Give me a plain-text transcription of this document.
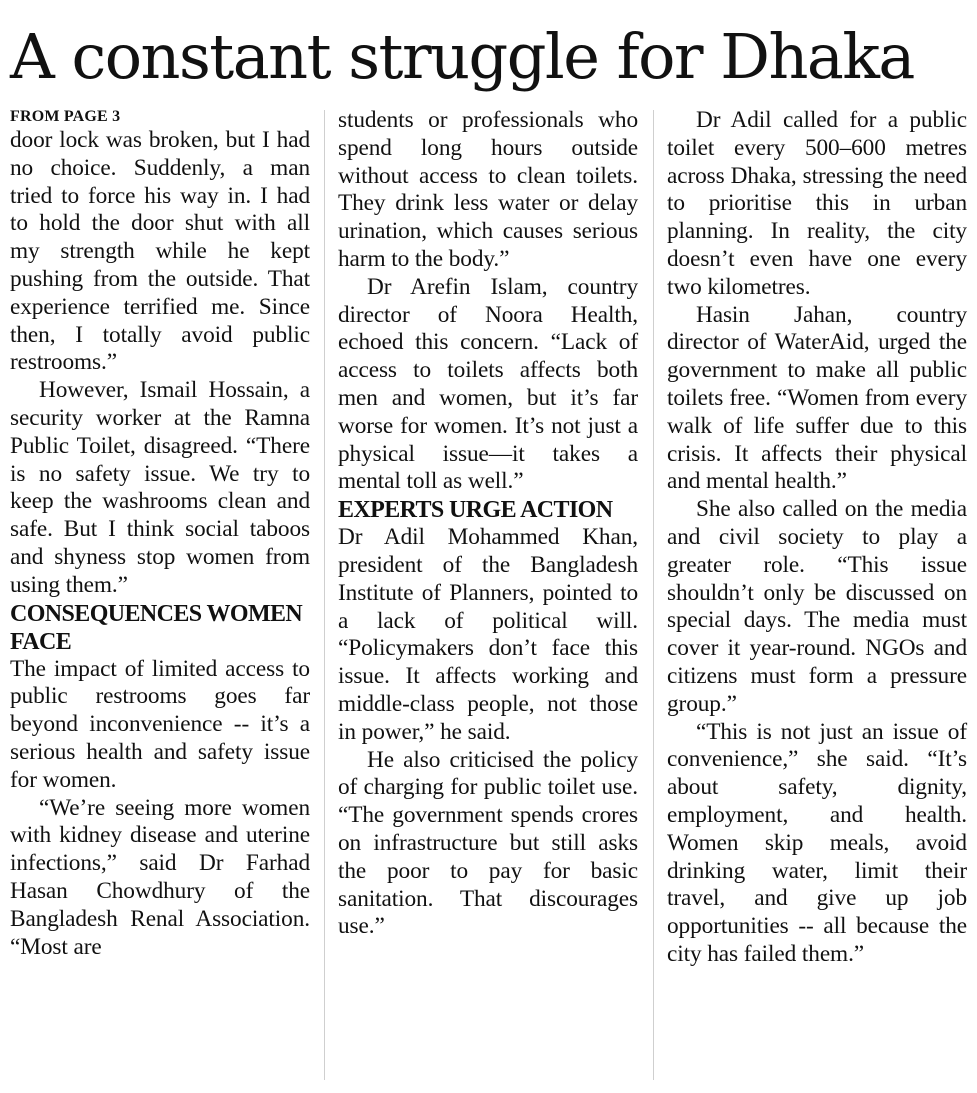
A constant struggle for Dhaka
FROM PAGE 3

door lock was broken, but I had no choice. Suddenly, a man tried to force his way in. I had to hold the door shut with all my strength while he kept pushing from the outside. That experience terrified me. Since then, I totally avoid public restrooms.”

However, Ismail Hossain, a security worker at the Ramna Public Toilet, disagreed. “There is no safety issue. We try to keep the washrooms clean and safe. But I think social taboos and shyness stop women from using them.”

CONSEQUENCES WOMEN FACE

The impact of limited access to public restrooms goes far beyond inconvenience -- it’s a serious health and safety issue for women.

“We’re seeing more women with kidney disease and uterine infections,” said Dr Farhad Hasan Chowdhury of the Bangladesh Renal Association. “Most are

students or professionals who spend long hours outside without access to clean toilets. They drink less water or delay urination, which causes serious harm to the body.”

Dr Arefin Islam, country director of Noora Health, echoed this concern. “Lack of access to toilets affects both men and women, but it’s far worse for women. It’s not just a physical issue—it takes a mental toll as well.”

EXPERTS URGE ACTION

Dr Adil Mohammed Khan, president of the Bangladesh Institute of Planners, pointed to a lack of political will. “Policymakers don’t face this issue. It affects working and middle-class people, not those in power,” he said.

He also criticised the policy of charging for public toilet use. “The government spends crores on infrastructure but still asks the poor to pay for basic sanitation. That discourages use.”

Dr Adil called for a public toilet every 500–600 metres across Dhaka, stressing the need to prioritise this in urban planning. In reality, the city doesn’t even have one every two kilometres.

Hasin Jahan, country director of WaterAid, urged the government to make all public toilets free. “Women from every walk of life suffer due to this crisis. It affects their physical and mental health.”

She also called on the media and civil society to play a greater role. “This issue shouldn’t only be discussed on special days. The media must cover it year-round. NGOs and citizens must form a pressure group.”

“This is not just an issue of convenience,” she said. “It’s about safety, dignity, employment, and health. Women skip meals, avoid drinking water, limit their travel, and give up job opportunities -- all because the city has failed them.”
